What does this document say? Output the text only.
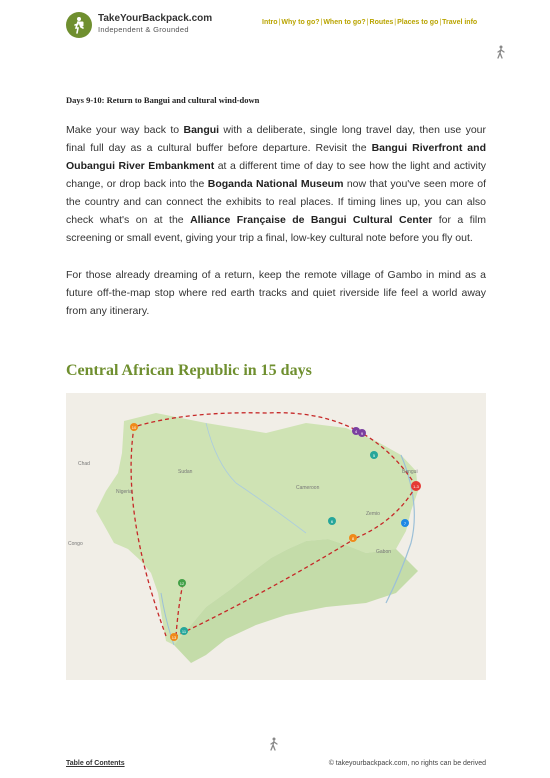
TakeYourBackpack.com
Independent & Grounded
Intro|Why to go?|When to go?|Routes|Places to go|Travel info
Days 9-10: Return to Bangui and cultural wind-down
Make your way back to Bangui with a deliberate, single long travel day, then use your final full day as a cultural buffer before departure. Revisit the Bangui Riverfront and Oubangui River Embankment at a different time of day to see how the light and activity change, or drop back into the Boganda National Museum now that you've seen more of the country and can connect the exhibits to real places. If timing lines up, you can also check what's on at the Alliance Française de Bangui Cultural Center for a film screening or small event, giving your trip a final, low-key cultural note before you fly out.
For those already dreaming of a return, keep the remote village of Gambo in mind as a future off-the-map stop where red earth tracks and quiet riverside life feel a world away from any itinerary.
Central African Republic in 15 days
Chad
Sudan
Nigeria
Cameroon
Congo
Gabon
Bangui
Zemio
1-3
4
5
6	7
8
9
10
11
12
13
Table of Contents	© takeyourbackpack.com, no rights can be derived
